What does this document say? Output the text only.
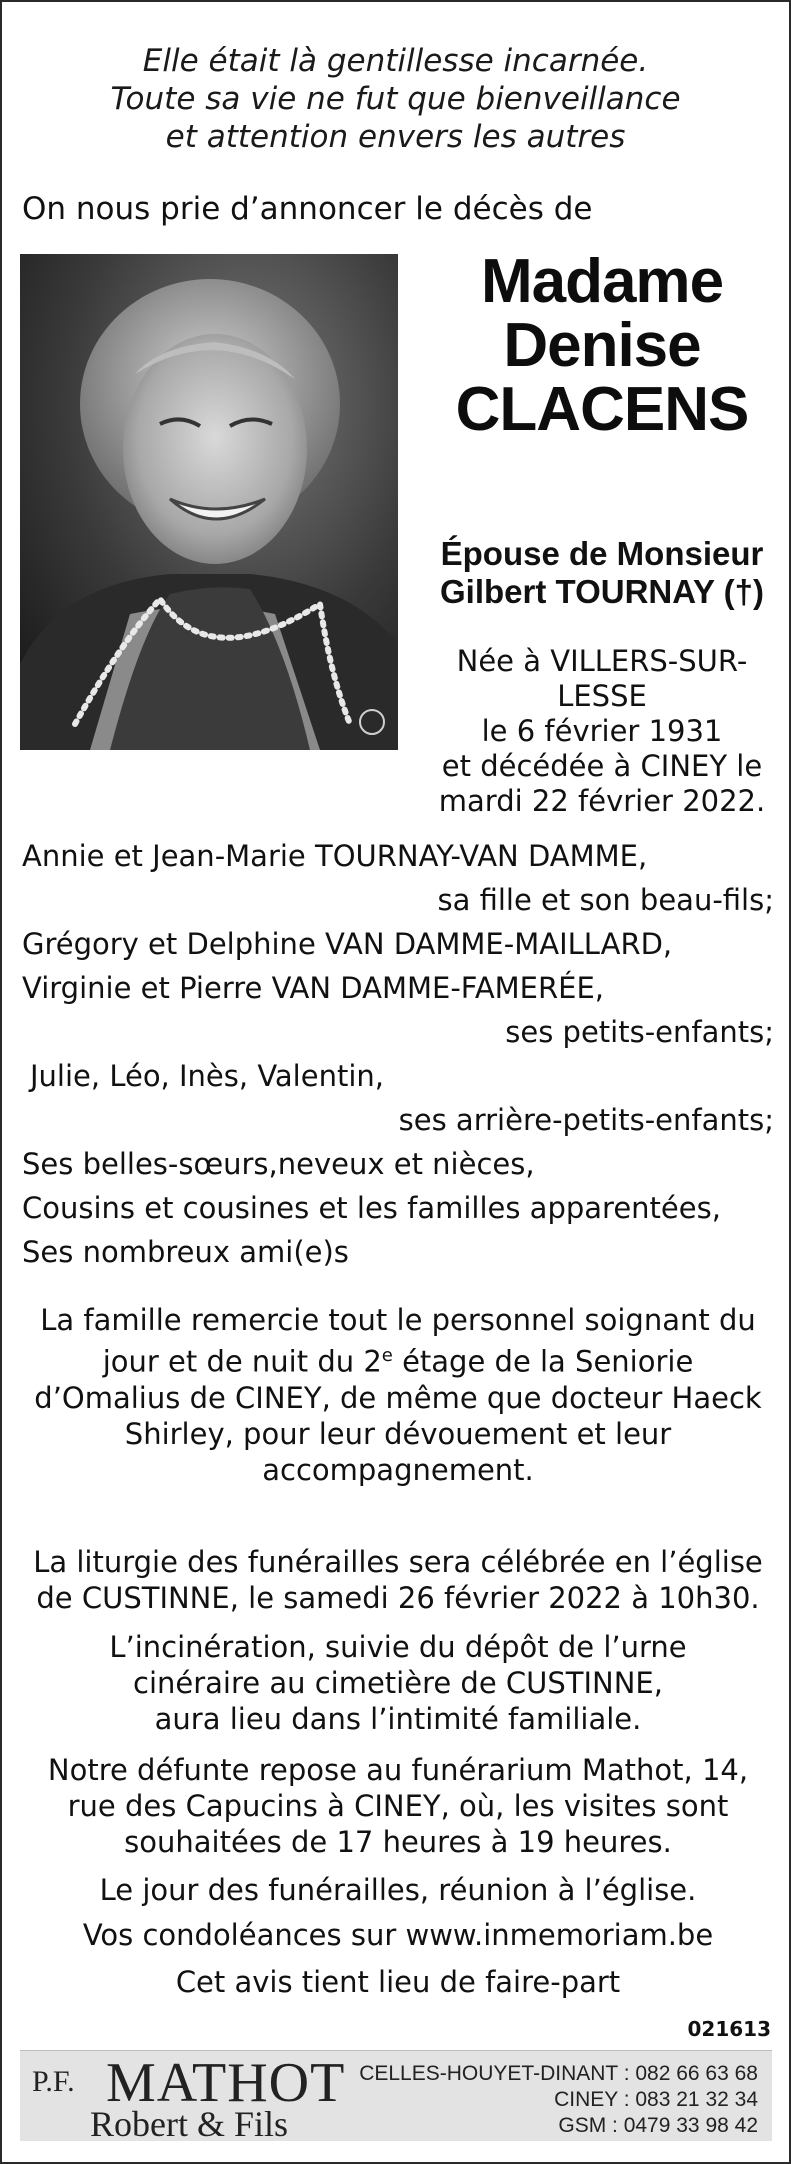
Elle était là gentillesse incarnée.
Toute sa vie ne fut que bienveillance
et attention envers les autres
On nous prie d’annoncer le décès de
Madame
Denise
CLACENS
Épouse de Monsieur
Gilbert TOURNAY (†)
Née à VILLERS-SUR-LESSE
le 6 février 1931
et décédée à CINEY le
mardi 22 février 2022.
Annie et Jean-Marie TOURNAY-VAN DAMME,
sa fille et son beau-fils;
Grégory et Delphine VAN DAMME-MAILLARD,
Virginie et Pierre VAN DAMME-FAMERÉE,
ses petits-enfants;
Julie, Léo, Inès, Valentin,
ses arrière-petits-enfants;
Ses belles-sœurs,neveux et nièces,
Cousins et cousines et les familles apparentées,
Ses nombreux ami(e)s
La famille remercie tout le personnel soignant du
jour et de nuit du 2e étage de la Seniorie
d’Omalius de CINEY, de même que docteur Haeck
Shirley, pour leur dévouement et leur
accompagnement.
La liturgie des funérailles sera célébrée en l’église
de CUSTINNE, le samedi 26 février 2022 à 10h30.
L’incinération, suivie du dépôt de l’urne
cinéraire au cimetière de CUSTINNE,
aura lieu dans l’intimité familiale.
Notre défunte repose au funérarium Mathot, 14,
rue des Capucins à CINEY, où, les visites sont
souhaitées de 17 heures à 19 heures.
Le jour des funérailles, réunion à l’église.
Vos condoléances sur www.inmemoriam.be
Cet avis tient lieu de faire-part
021613
P.F. MATHOT
Robert & Fils
CELLES-HOUYET-DINANT : 082 66 63 68
CINEY : 083 21 32 34
GSM : 0479 33 98 42
